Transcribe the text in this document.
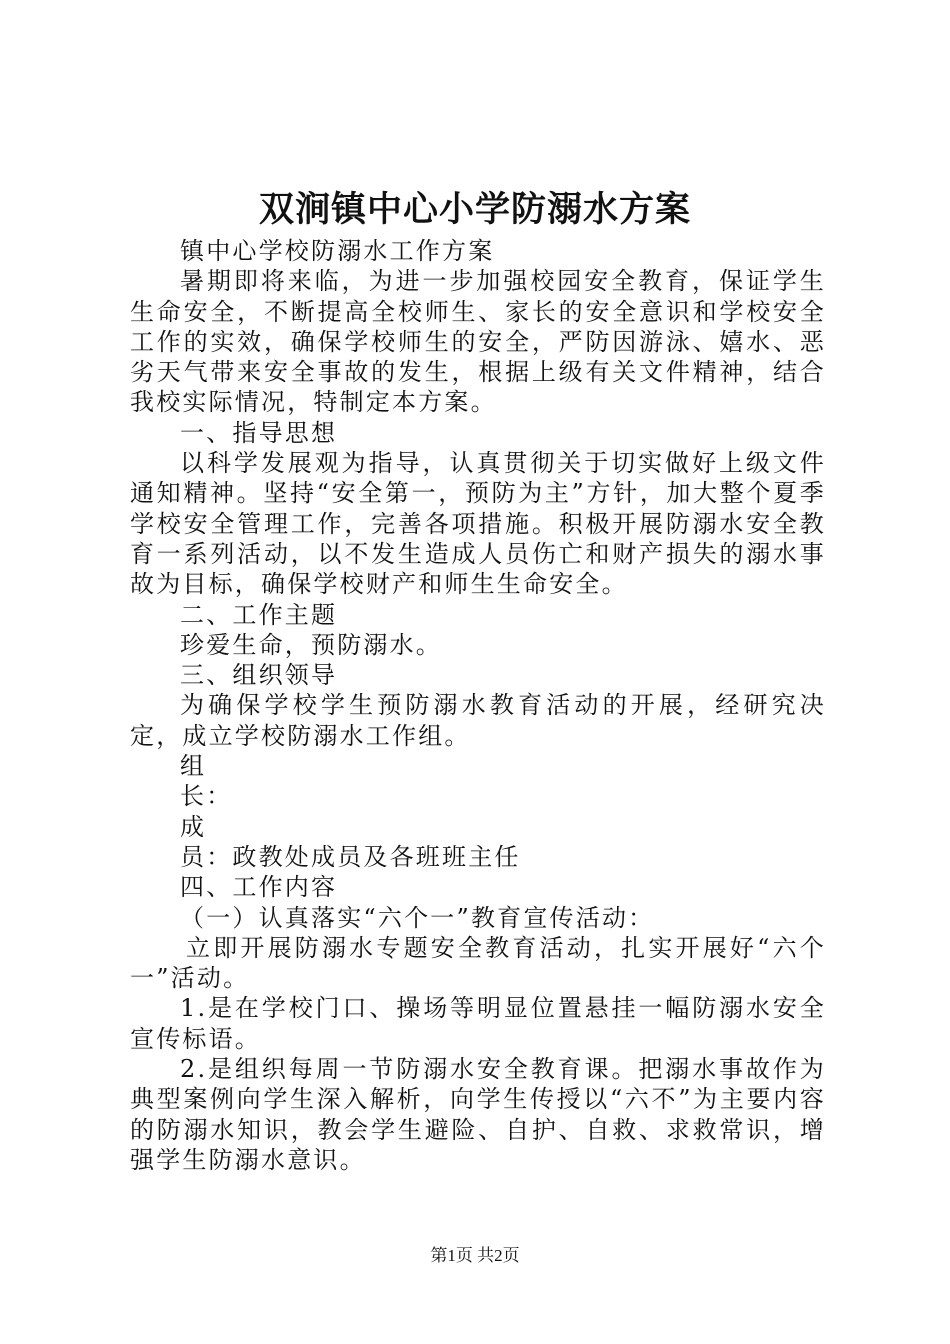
双涧镇中心小学防溺水方案

镇中心学校防溺水工作方案

暑期即将来临，为进一步加强校园安全教育，保证学生生命安全，不断提高全校师生、家长的安全意识和学校安全工作的实效，确保学校师生的安全，严防因游泳、嬉水、恶劣天气带来安全事故的发生，根据上级有关文件精神，结合我校实际情况，特制定本方案。

一、指导思想

以科学发展观为指导，认真贯彻关于切实做好上级文件通知精神。坚持“安全第一，预防为主”方针，加大整个夏季学校安全管理工作，完善各项措施。积极开展防溺水安全教育一系列活动，以不发生造成人员伤亡和财产损失的溺水事故为目标，确保学校财产和师生生命安全。

二、工作主题

珍爱生命，预防溺水。

三、组织领导

为确保学校学生预防溺水教育活动的开展，经研究决定，成立学校防溺水工作组。

组

长：

成

员：政教处成员及各班班主任

四、工作内容

（一）认真落实“六个一”教育宣传活动：

立即开展防溺水专题安全教育活动，扎实开展好“六个一”活动。

1.是在学校门口、操场等明显位置悬挂一幅防溺水安全宣传标语。

2.是组织每周一节防溺水安全教育课。把溺水事故作为典型案例向学生深入解析，向学生传授以“六不”为主要内容的防溺水知识，教会学生避险、自护、自救、求救常识，增强学生防溺水意识。

第1页 共2页
